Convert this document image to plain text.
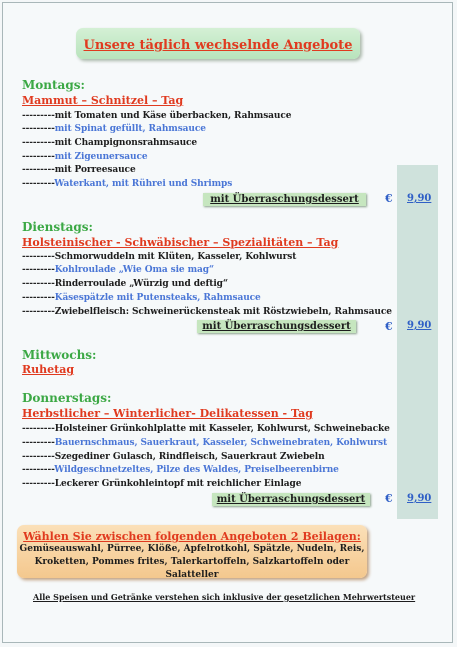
Unsere täglich wechselnde Angebote
Montags:
Mammut – Schnitzel – Tag
---------mit Tomaten und Käse überbacken, Rahmsauce
---------mit Spinat gefüllt, Rahmsauce
---------mit Champignonsrahmsauce
---------mit Zigeunersauce
---------mit Porreesauce
---------Waterkant, mit Rührei und Shrimps
mit Überraschungsdessert	€ 9,90
Dienstags:
Holsteinischer - Schwäbischer – Spezialitäten – Tag
---------Schmorwuddeln mit Klüten, Kasseler, Kohlwurst
---------Kohlroulade „Wie Oma sie mag“
---------Rinderroulade „Würzig und deftig“
---------Käsespätzle mit Putensteaks, Rahmsauce
---------Zwiebelfleisch: Schweinerückensteak mit Röstzwiebeln, Rahmsauce
mit Überraschungsdessert	€ 9,90
Mittwochs:
Ruhetag
Donnerstags:
Herbstlicher – Winterlicher- Delikatessen - Tag
---------Holsteiner Grünkohlplatte mit Kasseler, Kohlwurst, Schweinebacke
---------Bauernschmaus, Sauerkraut, Kasseler, Schweinebraten, Kohlwurst
---------Szegediner Gulasch, Rindfleisch, Sauerkraut Zwiebeln
---------Wildgeschnetzeltes, Pilze des Waldes, Preiselbeerenbirne
---------Leckerer Grünkohleintopf mit reichlicher Einlage
mit Überraschungsdessert	€ 9,90
Wählen Sie zwischen folgenden Angeboten 2 Beilagen:
Gemüseauswahl, Pürree, Klöße, Apfelrotkohl, Spätzle, Nudeln, Reis,
Kroketten, Pommes frites, Talerkartoffeln, Salzkartoffeln oder Salatteller
Alle Speisen und Getränke verstehen sich inklusive der gesetzlichen Mehrwertsteuer
